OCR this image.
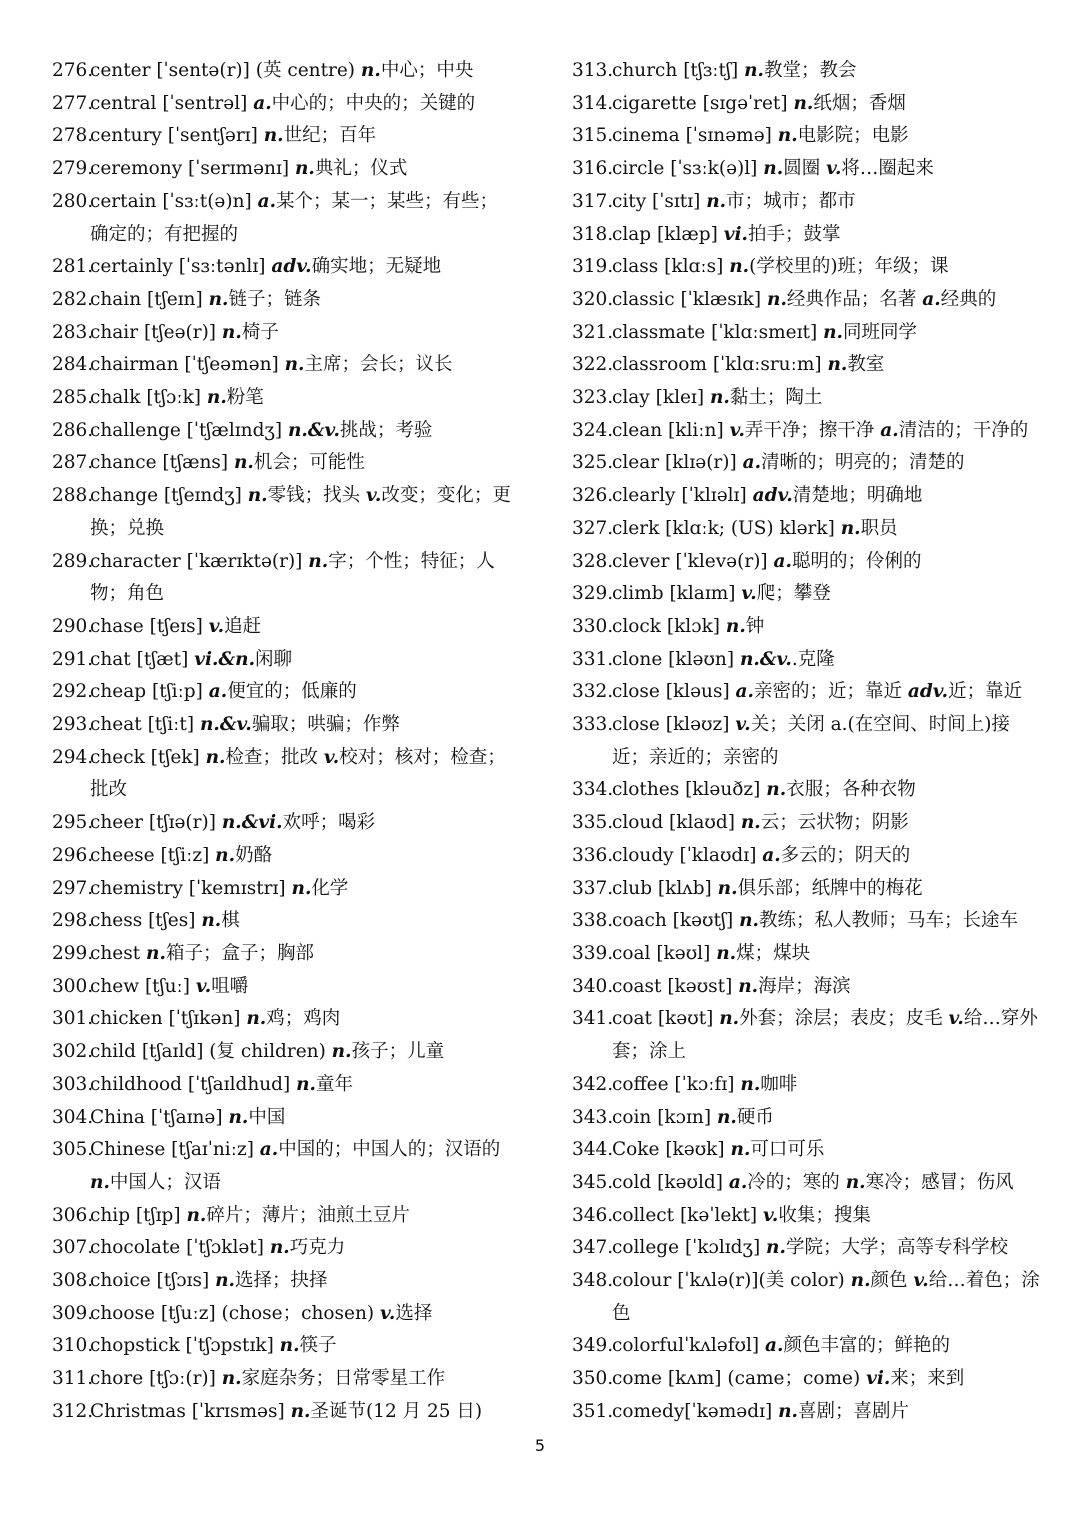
276.
center [ˈsentə(r)] (英 centre) n.中心；中央
277.
central [ˈsentrəl] a.中心的；中央的；关键的
278.
century [ˈsentʃərɪ] n.世纪；百年
279.
ceremony [ˈserɪmənɪ] n.典礼；仪式
280.
certain [ˈsɜːt(ə)n] a.某个；某一；某些；有些；确定的；有把握的
281.
certainly [ˈsɜːtənlɪ] adv.确实地；无疑地
282.
chain [tʃeɪn] n.链子；链条
283.
chair [tʃeə(r)] n.椅子
284.
chairman [ˈtʃeəmən] n.主席；会长；议长
285.
chalk [tʃɔːk] n.粉笔
286.
challenge [ˈtʃælɪndʒ] n.&v.挑战；考验
287.
chance [tʃæns] n.机会；可能性
288.
change [tʃeɪndʒ] n.零钱；找头 v.改变；变化；更换；兑换
289.
character [ˈkærɪktə(r)] n.字；个性；特征；人物；角色
290.
chase [tʃeɪs] v.追赶
291.
chat [tʃæt] vi.&n.闲聊
292.
cheap [tʃiːp] a.便宜的；低廉的
293.
cheat [tʃiːt] n.&v.骗取；哄骗；作弊
294.
check [tʃek] n.检查；批改 v.校对；核对；检查；批改
295.
cheer [tʃɪə(r)] n.&vi.欢呼；喝彩
296.
cheese [tʃiːz] n.奶酪
297.
chemistry [ˈkemɪstrɪ] n.化学
298.
chess [tʃes] n.棋
299.
chest n.箱子；盒子；胸部
300.
chew [tʃuː] v.咀嚼
301.
chicken [ˈtʃɪkən] n.鸡；鸡肉
302.
child [tʃaɪld] (复 children) n.孩子；儿童
303.
childhood [ˈtʃaɪldhud] n.童年
304.
China [ˈtʃaɪnə] n.中国
305.
Chinese [tʃaɪˈniːz] a.中国的；中国人的；汉语的 n.中国人；汉语
306.
chip [tʃɪp] n.碎片；薄片；油煎土豆片
307.
chocolate [ˈtʃɔklət] n.巧克力
308.
choice [tʃɔɪs] n.选择；抉择
309.
choose [tʃuːz] (chose；chosen) v.选择
310.
chopstick [ˈtʃɔpstɪk] n.筷子
311.
chore [tʃɔː(r)] n.家庭杂务；日常零星工作
312.
Christmas [ˈkrɪsməs] n.圣诞节(12 月 25 日)
313.
church [tʃɜːtʃ] n.教堂；教会
314.
cigarette [sɪgəˈret] n.纸烟；香烟
315.
cinema [ˈsɪnəmə] n.电影院；电影
316.
circle [ˈsɜːk(ə)l] n.圆圈 v.将…圈起来
317.
city [ˈsɪtɪ] n.市；城市；都市
318.
clap [klæp] vi.拍手；鼓掌
319.
class [klɑːs] n.(学校里的)班；年级；课
320.
classic [ˈklæsɪk] n.经典作品；名著 a.经典的
321.
classmate [ˈklɑːsmeɪt] n.同班同学
322.
classroom [ˈklɑːsruːm] n.教室
323.
clay [kleɪ] n.黏土；陶土
324.
clean [kliːn] v.弄干净；擦干净 a.清洁的；干净的
325.
clear [klɪə(r)] a.清晰的；明亮的；清楚的
326.
clearly [ˈklɪəlɪ] adv.清楚地；明确地
327.
clerk [klɑːk; (US) klərk] n.职员
328.
clever [ˈklevə(r)] a.聪明的；伶俐的
329.
climb [klaɪm] v.爬；攀登
330.
clock [klɔk] n.钟
331.
clone [kləʊn] n.&v..克隆
332.
close [kləus] a.亲密的；近；靠近 adv.近；靠近
333.
close [kləʊz] v.关；关闭 a.(在空间、时间上)接近；亲近的；亲密的
334.
clothes [kləuðz] n.衣服；各种衣物
335.
cloud [klaʊd] n.云；云状物；阴影
336.
cloudy [ˈklaʊdɪ] a.多云的；阴天的
337.
club [klʌb] n.俱乐部；纸牌中的梅花
338.
coach [kəʊtʃ] n.教练；私人教师；马车；长途车
339.
coal [kəʊl] n.煤；煤块
340.
coast [kəʊst] n.海岸；海滨
341.
coat [kəʊt] n.外套；涂层；表皮；皮毛 v.给…穿外套；涂上
342.
coffee [ˈkɔːfɪ] n.咖啡
343.
coin [kɔɪn] n.硬币
344.
Coke [kəʊk] n.可口可乐
345.
cold [kəʊld] a.冷的；寒的 n.寒冷；感冒；伤风
346.
collect [kəˈlekt] v.收集；搜集
347.
college [ˈkɔlɪdʒ] n.学院；大学；高等专科学校
348.
colour [ˈkʌlə(r)](美 color) n.颜色 v.给…着色；涂色
349.
colorfulˈkʌləfʊl] a.颜色丰富的；鲜艳的
350.
come [kʌm] (came；come) vi.来；来到
351.
comedy[ˈkəmədɪ] n.喜剧；喜剧片
5
